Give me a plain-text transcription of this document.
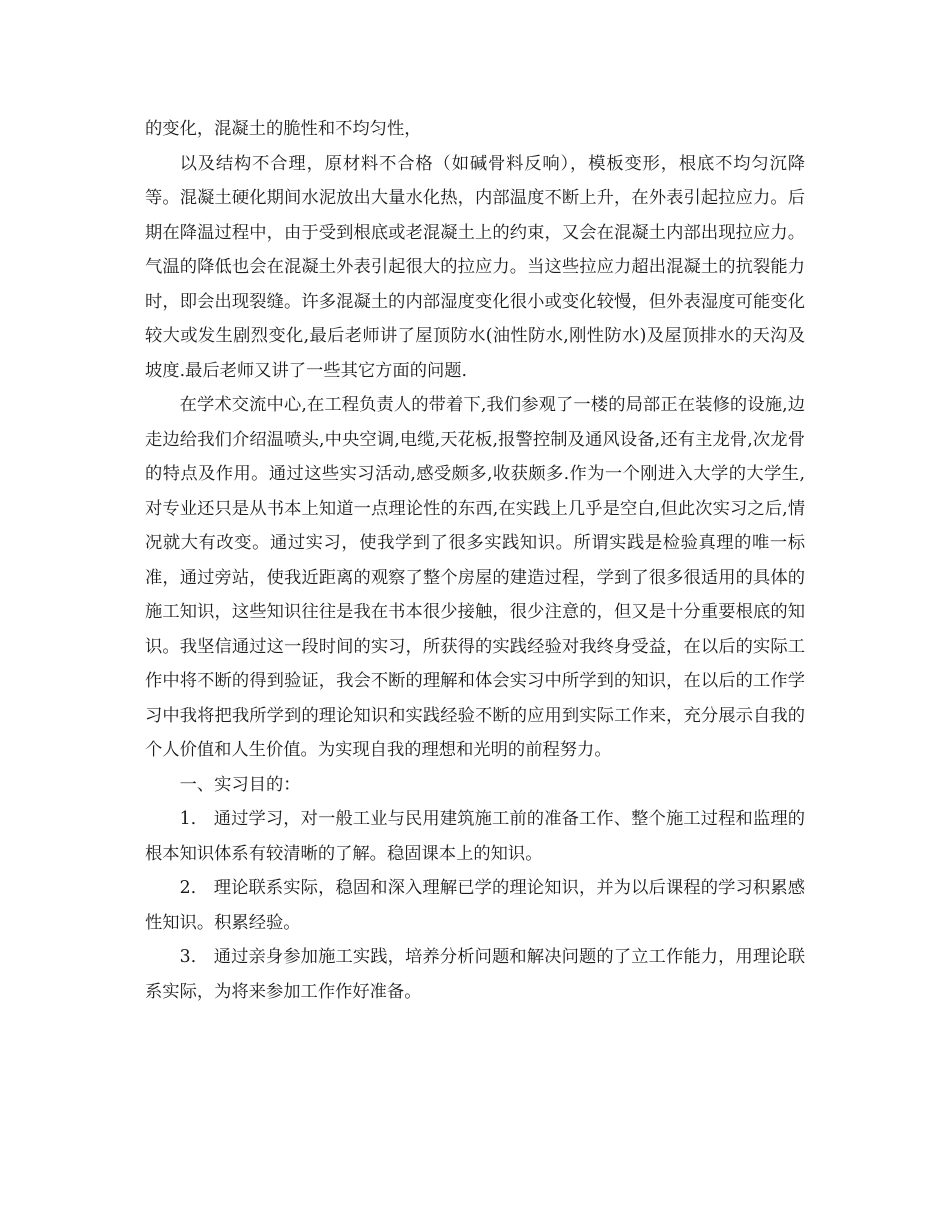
的变化，混凝土的脆性和不均匀性，

以及结构不合理，原材料不合格（如碱骨料反响），模板变形，根底不均匀沉降等。混凝土硬化期间水泥放出大量水化热，内部温度不断上升，在外表引起拉应力。后期在降温过程中，由于受到根底或老混凝土上的约束，又会在混凝土内部出现拉应力。气温的降低也会在混凝土外表引起很大的拉应力。当这些拉应力超出混凝土的抗裂能力时，即会出现裂缝。许多混凝土的内部湿度变化很小或变化较慢，但外表湿度可能变化较大或发生剧烈变化,最后老师讲了屋顶防水(油性防水,刚性防水)及屋顶排水的天沟及坡度.最后老师又讲了一些其它方面的问题.

在学术交流中心,在工程负责人的带着下,我们参观了一楼的局部正在装修的设施,边走边给我们介绍温喷头,中央空调,电缆,天花板,报警控制及通风设备,还有主龙骨,次龙骨的特点及作用。通过这些实习活动,感受颇多,收获颇多.作为一个刚进入大学的大学生,对专业还只是从书本上知道一点理论性的东西,在实践上几乎是空白,但此次实习之后,情况就大有改变。通过实习，使我学到了很多实践知识。所谓实践是检验真理的唯一标准，通过旁站，使我近距离的观察了整个房屋的建造过程，学到了很多很适用的具体的施工知识，这些知识往往是我在书本很少接触，很少注意的，但又是十分重要根底的知识。我坚信通过这一段时间的实习，所获得的实践经验对我终身受益，在以后的实际工作中将不断的得到验证，我会不断的理解和体会实习中所学到的知识，在以后的工作学习中我将把我所学到的理论知识和实践经验不断的应用到实际工作来，充分展示自我的个人价值和人生价值。为实现自我的理想和光明的前程努力。

一、实习目的：

1． 通过学习，对一般工业与民用建筑施工前的准备工作、整个施工过程和监理的根本知识体系有较清晰的了解。稳固课本上的知识。

2． 理论联系实际，稳固和深入理解已学的理论知识，并为以后课程的学习积累感性知识。积累经验。

3． 通过亲身参加施工实践，培养分析问题和解决问题的了立工作能力，用理论联系实际，为将来参加工作作好准备。
